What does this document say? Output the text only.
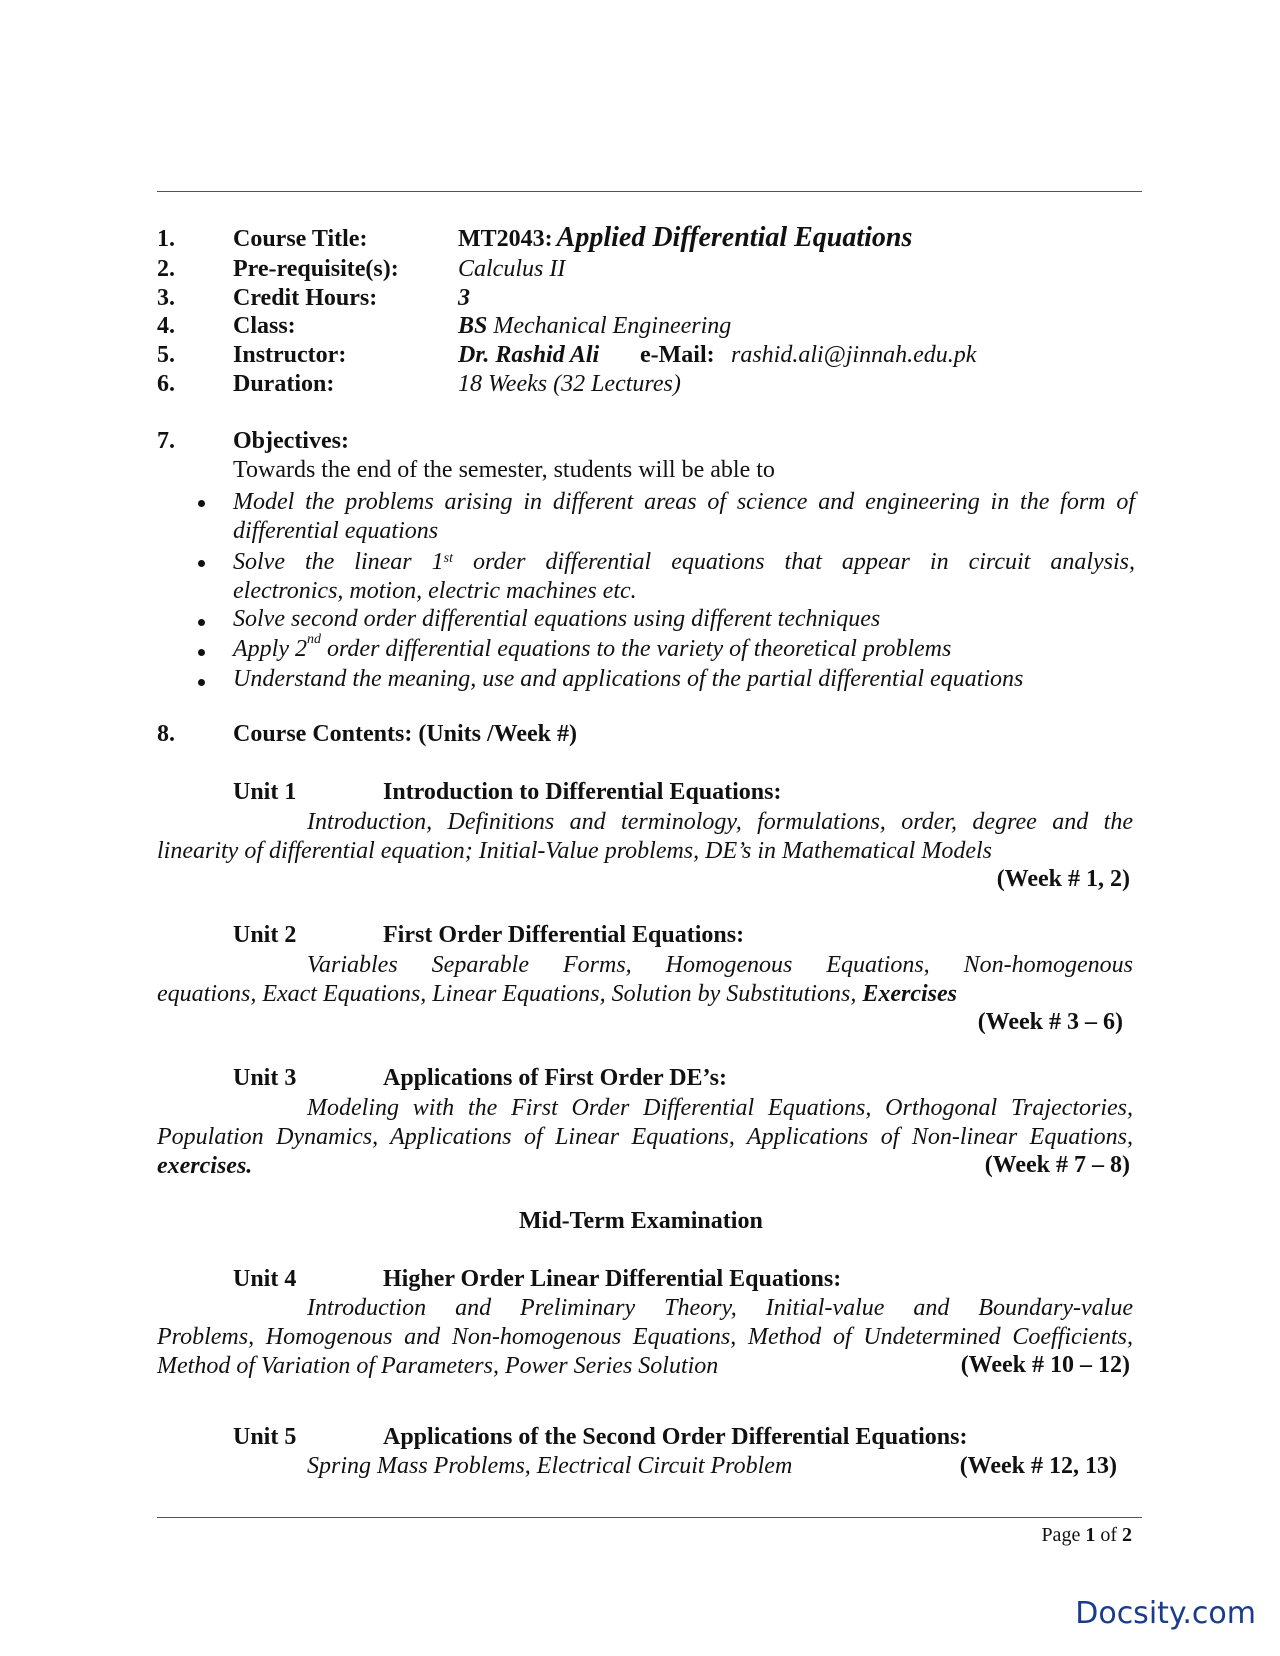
1. Course Title:	MT2043: Applied Differential Equations
2. Pre-requisite(s): Calculus II
3. Credit Hours:	3
4. Class:	BS Mechanical Engineering
5. Instructor:	Dr. Rashid Ali e-Mail: rashid.ali@jinnah.edu.pk
6. Duration:	18 Weeks (32 Lectures)
7. Objectives:
Towards the end of the semester, students will be able to
Model the problems arising in different areas of science and engineering in the form of
differential equations
Solve the linear 1st order differential equations that appear in circuit analysis,
electronics, motion, electric machines etc.
Solve second order differential equations using different techniques
Apply 2nd order differential equations to the variety of theoretical problems
Understand the meaning, use and applications of the partial differential equations
8. Course Contents: (Units /Week #)
Unit 1	Introduction to Differential Equations:
Introduction, Definitions and terminology, formulations, order, degree and the
linearity of differential equation; Initial-Value problems, DE’s in Mathematical Models
(Week # 1, 2)
Unit 2	First Order Differential Equations:
Variables Separable Forms, Homogenous Equations, Non-homogenous
equations, Exact Equations, Linear Equations, Solution by Substitutions, Exercises
(Week # 3 – 6)
Unit 3	Applications of First Order DE’s:
Modeling with the First Order Differential Equations, Orthogonal Trajectories,
Population Dynamics, Applications of Linear Equations, Applications of Non-linear Equations,
exercises.	(Week # 7 – 8)
Mid-Term Examination
Unit 4	Higher Order Linear Differential Equations:
Introduction and Preliminary Theory, Initial-value and Boundary-value
Problems, Homogenous and Non-homogenous Equations, Method of Undetermined Coefficients,
Method of Variation of Parameters, Power Series Solution	(Week # 10 – 12)
Unit 5	Applications of the Second Order Differential Equations:
Spring Mass Problems, Electrical Circuit Problem	(Week # 12, 13)
Page 1 of 2
Docsity.com
